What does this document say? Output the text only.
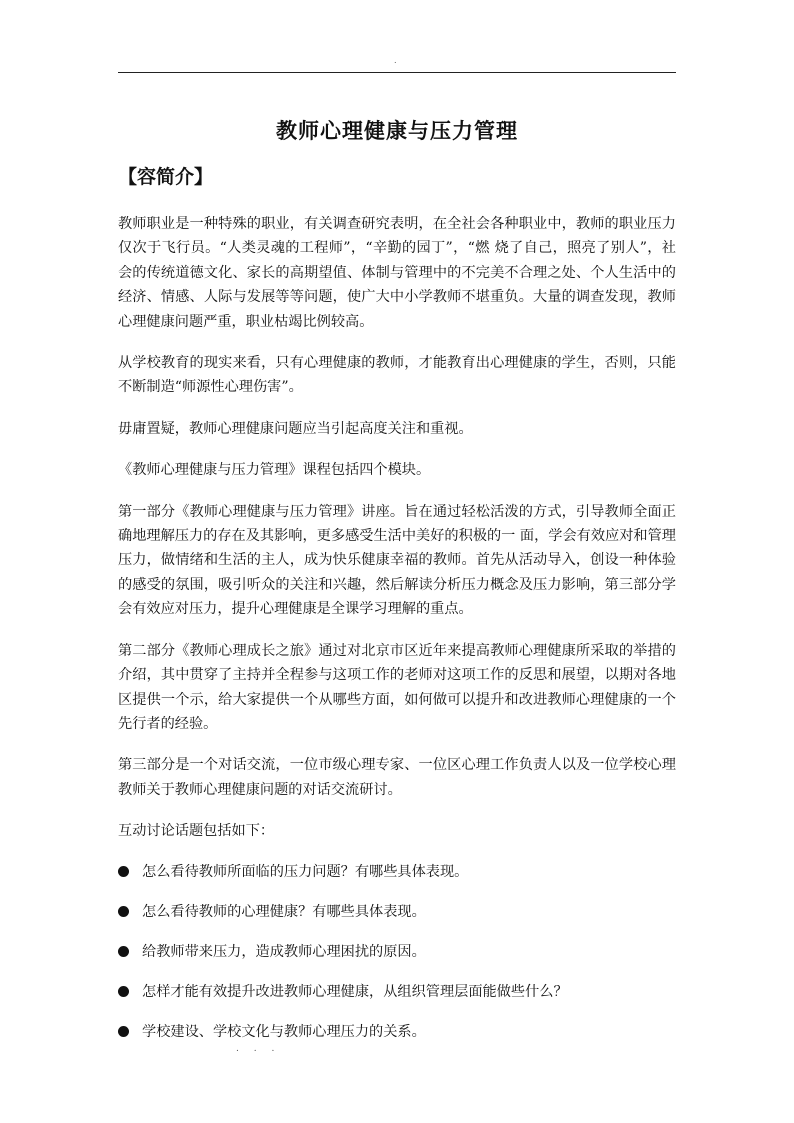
.
教师心理健康与压力管理
【容简介】

教师职业是一种特殊的职业，有关调查研究表明，在全社会各种职业中，教师的职业压力仅次于飞行员。“人类灵魂的工程师”，“辛勤的园丁”，“燃 烧了自己，照亮了别人”，社会的传统道德文化、家长的高期望值、体制与管理中的不完美不合理之处、个人生活中的经济、情感、人际与发展等等问题，使广大中小学教师不堪重负。大量的调查发现，教师心理健康问题严重，职业枯竭比例较高。

从学校教育的现实来看，只有心理健康的教师，才能教育出心理健康的学生，否则，只能不断制造“师源性心理伤害”。

毋庸置疑，教师心理健康问题应当引起高度关注和重视。

《教师心理健康与压力管理》课程包括四个模块。

第一部分《教师心理健康与压力管理》讲座。旨在通过轻松活泼的方式，引导教师全面正确地理解压力的存在及其影响，更多感受生活中美好的积极的一 面，学会有效应对和管理压力，做情绪和生活的主人，成为快乐健康幸福的教师。首先从活动导入，创设一种体验的感受的氛围，吸引听众的关注和兴趣，然后解读分析压力概念及压力影响，第三部分学会有效应对压力，提升心理健康是全课学习理解的重点。

第二部分《教师心理成长之旅》通过对北京市区近年来提高教师心理健康所采取的举措的介绍，其中贯穿了主持并全程参与这项工作的老师对这项工作的反思和展望，以期对各地区提供一个示，给大家提供一个从哪些方面，如何做可以提升和改进教师心理健康的一个先行者的经验。

第三部分是一个对话交流，一位市级心理专家、一位区心理工作负责人以及一位学校心理教师关于教师心理健康问题的对话交流研讨。

互动讨论话题包括如下：

怎么看待教师所面临的压力问题？有哪些具体表现。
怎么看待教师的心理健康？有哪些具体表现。
给教师带来压力，造成教师心理困扰的原因。
怎样才能有效提升改进教师心理健康，从组织管理层面能做些什么？
学校建设、学校文化与教师心理压力的关系。
. . .
